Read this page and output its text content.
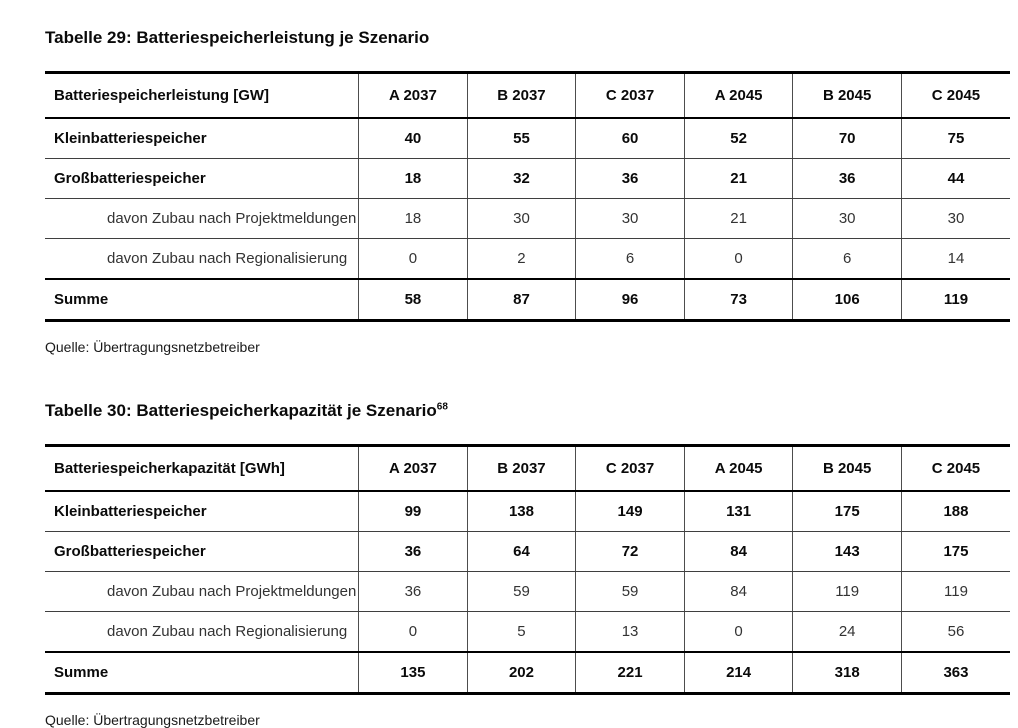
Tabelle 29: Batteriespeicherleistung je Szenario
Batteriespeicherleistung [GW]	A 2037	B 2037	C 2037	A 2045	B 2045	C 2045
Kleinbatteriespeicher	40	55	60	52	70	75
Großbatteriespeicher	18	32	36	21	36	44
davon Zubau nach Projektmeldungen	18	30	30	21	30	30
davon Zubau nach Regionalisierung	0	2	6	0	6	14
Summe	58	87	96	73	106	119

Quelle: Übertragungsnetzbetreiber

Tabelle 30: Batteriespeicherkapazität je Szenario$^{68}$
Batteriespeicherkapazität [GWh]	A 2037	B 2037	C 2037	A 2045	B 2045	C 2045
Kleinbatteriespeicher	99	138	149	131	175	188
Großbatteriespeicher	36	64	72	84	143	175
davon Zubau nach Projektmeldungen	36	59	59	84	119	119
davon Zubau nach Regionalisierung	0	5	13	0	24	56
Summe	135	202	221	214	318	363

Quelle: Übertragungsnetzbetreiber
